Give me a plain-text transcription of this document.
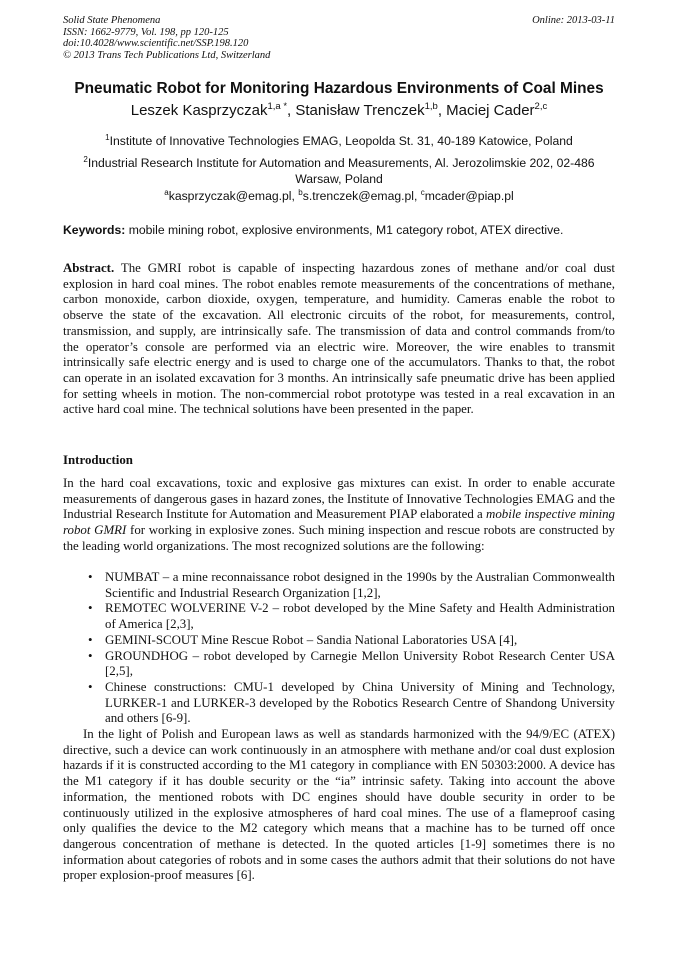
Solid State Phenomena
ISSN: 1662-9779, Vol. 198, pp 120-125
doi:10.4028/www.scientific.net/SSP.198.120
© 2013 Trans Tech Publications Ltd, Switzerland
Online: 2013-03-11
Pneumatic Robot for Monitoring Hazardous Environments of Coal Mines
Leszek Kasprzyczak$^{1,a *}$, Stanisław Trenczek$^{1,b}$, Maciej Cader$^{2,c}$
$^1$Institute of Innovative Technologies EMAG, Leopolda St. 31, 40-189 Katowice, Poland
$^2$Industrial Research Institute for Automation and Measurements, Al. Jerozolimskie 202, 02-486 Warsaw, Poland
$^a$kasprzyczak@emag.pl, $^b$s.trenczek@emag.pl, $^c$mcader@piap.pl
Keywords: mobile mining robot, explosive environments, M1 category robot, ATEX directive.
Abstract. The GMRI robot is capable of inspecting hazardous zones of methane and/or coal dust explosion in hard coal mines. The robot enables remote measurements of the concentrations of methane, carbon monoxide, carbon dioxide, oxygen, temperature, and humidity. Cameras enable the robot to observe the state of the excavation. All electronic circuits of the robot, for measurements, control, transmission, and supply, are intrinsically safe. The transmission of data and control commands from/to the operator’s console are performed via an electric wire. Moreover, the wire enables to transmit intrinsically safe electric energy and is used to charge one of the accumulators. Thanks to that, the robot can operate in an isolated excavation for 3 months. An intrinsically safe pneumatic drive has been applied for setting wheels in motion. The non-commercial robot prototype was tested in a real excavation in an active hard coal mine. The technical solutions have been presented in the paper.
Introduction
In the hard coal excavations, toxic and explosive gas mixtures can exist. In order to enable accurate measurements of dangerous gases in hazard zones, the Institute of Innovative Technologies EMAG and the Industrial Research Institute for Automation and Measurement PIAP elaborated a mobile inspective mining robot GMRI for working in explosive zones. Such mining inspection and rescue robots are constructed by the leading world organizations. The most recognized solutions are the following:
• NUMBAT – a mine reconnaissance robot designed in the 1990s by the Australian Commonwealth Scientific and Industrial Research Organization [1,2],
• REMOTEC WOLVERINE V-2 – robot developed by the Mine Safety and Health Administration of America [2,3],
• GEMINI-SCOUT Mine Rescue Robot – Sandia National Laboratories USA [4],
• GROUNDHOG – robot developed by Carnegie Mellon University Robot Research Center USA [2,5],
• Chinese constructions: CMU-1 developed by China University of Mining and Technology, LURKER-1 and LURKER-3 developed by the Robotics Research Centre of Shandong University and others [6-9].
In the light of Polish and European laws as well as standards harmonized with the 94/9/EC (ATEX) directive, such a device can work continuously in an atmosphere with methane and/or coal dust explosion hazards if it is constructed according to the M1 category in compliance with EN 50303:2000. A device has the M1 category if it has double security or the “ia” intrinsic safety. Taking into account the above information, the mentioned robots with DC engines should have double security in order to be continuously utilized in the explosive atmospheres of hard coal mines. The use of a flameproof casing only qualifies the device to the M2 category which means that a machine has to be turned off once dangerous concentration of methane is detected. In the quoted articles [1-9] sometimes there is no information about categories of robots and in some cases the authors admit that their solutions do not have proper explosion-proof measures [6].
